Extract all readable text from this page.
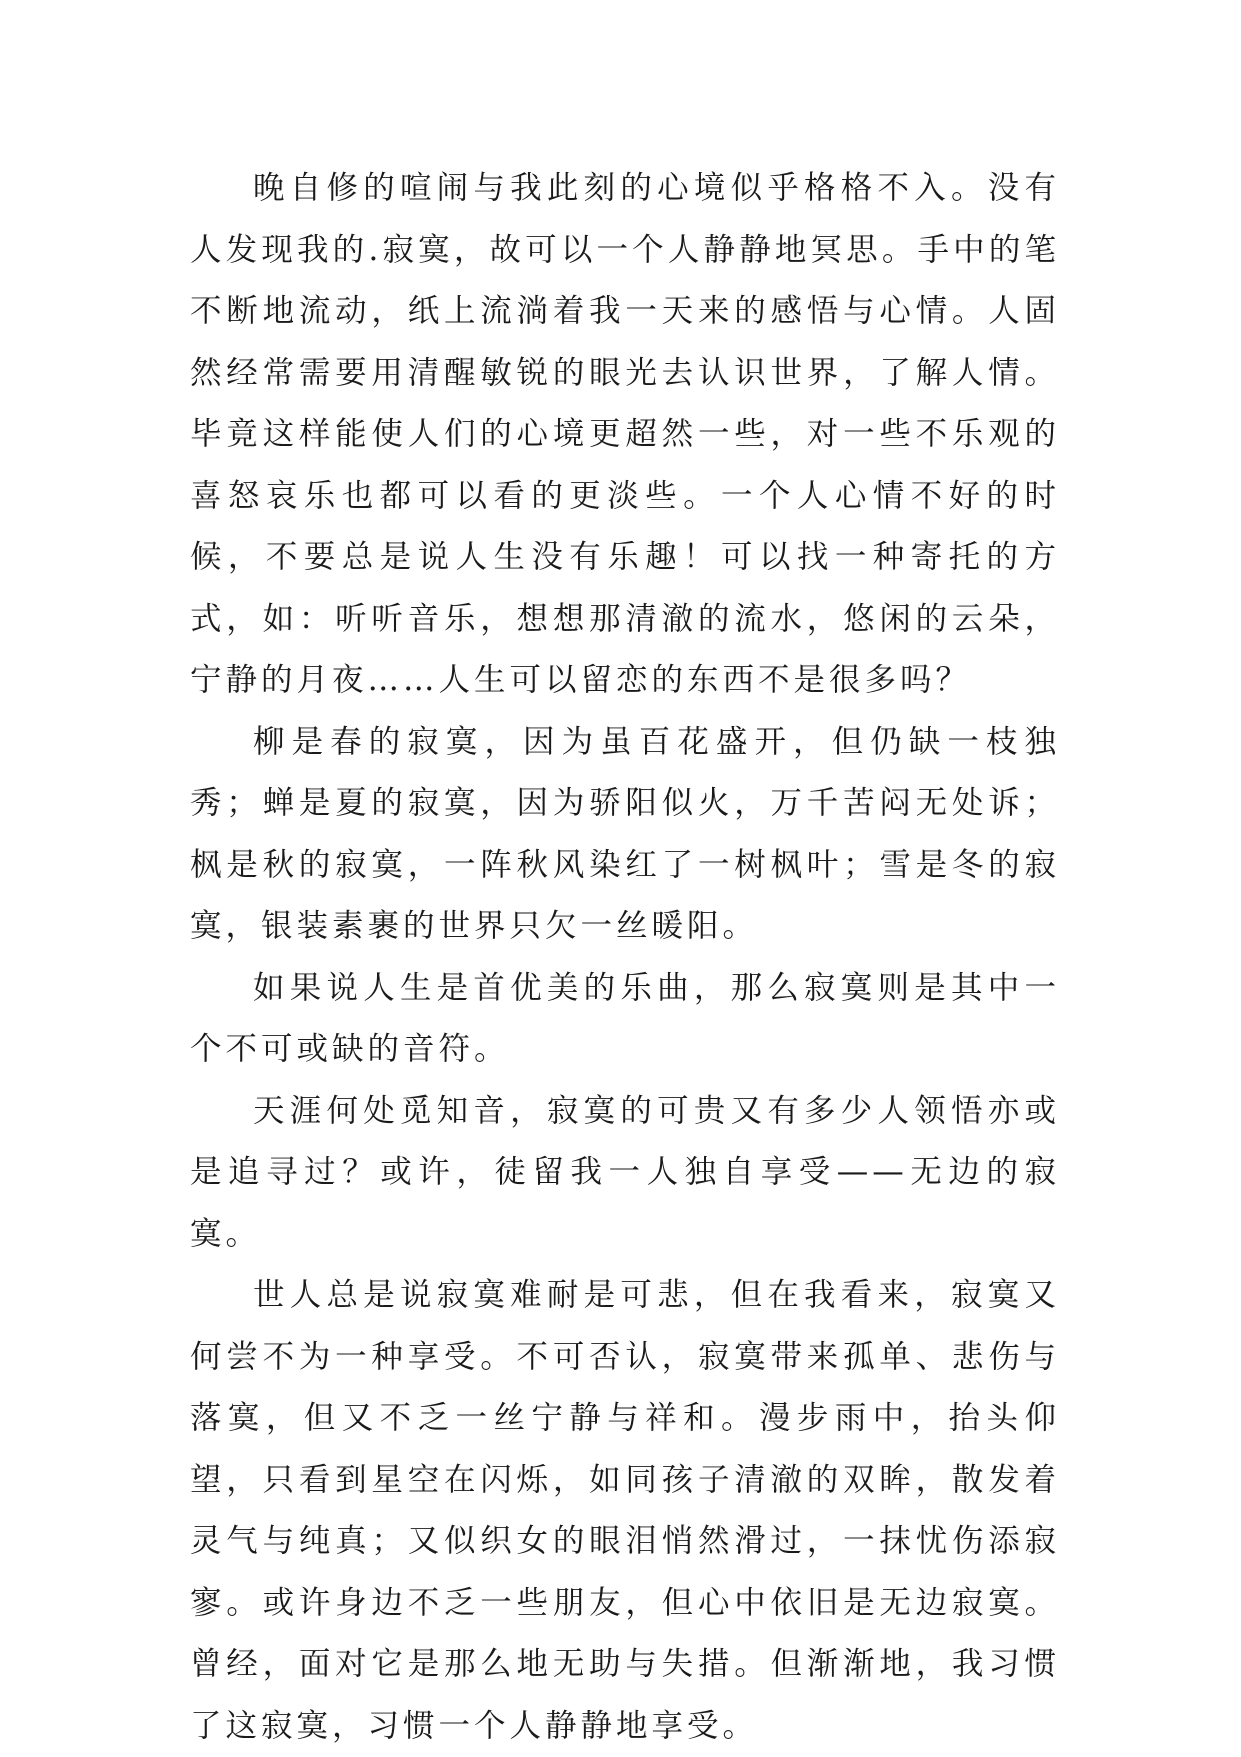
晚自修的喧闹与我此刻的心境似乎格格不入。没有人发现我的.寂寞，故可以一个人静静地冥思。手中的笔不断地流动，纸上流淌着我一天来的感悟与心情。人固然经常需要用清醒敏锐的眼光去认识世界，了解人情。毕竟这样能使人们的心境更超然一些，对一些不乐观的喜怒哀乐也都可以看的更淡些。一个人心情不好的时候，不要总是说人生没有乐趣！可以找一种寄托的方式，如：听听音乐，想想那清澈的流水，悠闲的云朵，宁静的月夜……人生可以留恋的东西不是很多吗？

柳是春的寂寞，因为虽百花盛开，但仍缺一枝独秀；蝉是夏的寂寞，因为骄阳似火，万千苦闷无处诉；枫是秋的寂寞，一阵秋风染红了一树枫叶；雪是冬的寂寞，银装素裹的世界只欠一丝暖阳。

如果说人生是首优美的乐曲，那么寂寞则是其中一个不可或缺的音符。

天涯何处觅知音，寂寞的可贵又有多少人领悟亦或是追寻过？或许，徒留我一人独自享受——无边的寂寞。

世人总是说寂寞难耐是可悲，但在我看来，寂寞又何尝不为一种享受。不可否认，寂寞带来孤单、悲伤与落寞，但又不乏一丝宁静与祥和。漫步雨中，抬头仰望，只看到星空在闪烁，如同孩子清澈的双眸，散发着灵气与纯真；又似织女的眼泪悄然滑过，一抹忧伤添寂寥。或许身边不乏一些朋友，但心中依旧是无边寂寞。曾经，面对它是那么地无助与失措。但渐渐地，我习惯了这寂寞，习惯一个人静静地享受。
